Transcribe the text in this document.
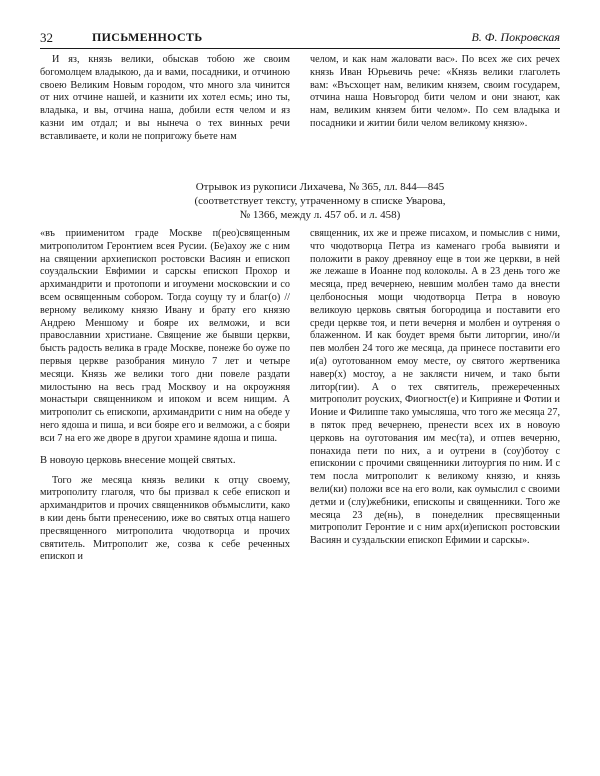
32	ПИСЬМЕННОСТЬ	В. Ф. Покровская

И яз, князь велики, обыскав тобою же своим богомолцем владыкою, да и вами, посадники, и отчиною своею Великим Новым городом, что много зла чинится от них отчине нашей, и казнити их хотел есмь; ино ты, владыка, и вы, отчина наша, добили естя челом и яз казни им отдал; и вы нынеча о тех винных речи вставливаете, и коли не попригожу бьете нам

челом, и как нам жаловати вас». По всех же сих речех князь Иван Юрьевичь рече: «Князь велики глаголеть вам: «Въсхощет нам, великим князем, своим государем, отчина наша Новъгород бити челом и они знают, как нам, великим князем бити челом». По сем владыка и посадники и житии били челом великому князю».

Отрывок из рукописи Лихачева, № 365, лл. 844—845
(соответствует тексту, утраченному в списке Уварова,
№ 1366, между л. 457 об. и л. 458)

«въ приименитом граде Москве п(рео)священным митрополитом Геронтием всея Русии. (Бе)ахоу же с ним на священии архиепископ ростовски Васиян и епископ соуздальскии Евфимии и сарскы епископ Прохор и архимандрити и протопопи и игоумени московскии и со всем освященным собором. Тогда соущу ту и благ(о) // верному великому князю Ивану и брату его князю Андрею Меншому и бояре их велможи, и вси православнии христиане. Священие же бывши церкви, бысть радость велика в граде Москве, понеже бо оуже по первыя церкве разобрания минуло 7 лет и четыре месяци. Князь же велики того дни повеле раздати милостыню на весь град Москвоу и на окроужняя монастыри священником и ипоком и всем нищим. А митрополит сь епископи, архимандрити с ним на обеде у него ядоша и пиша, и вси бояре его и велможи, а с бояри вси 7 на его же дворе в другои храмине ядоша и пиша.

В новоую церковь внесение мощей святых.

Того же месяца князь велики к отцу своему, митрополиту глаголя, что бы призвал к себе епископ и архимандритов и прочих священников объмыслити, како в кии день быти пренесению, иже во святых отца нашего пресвященного митрополита чюдотворца и прочих святитель. Митрополит же, созва к себе реченных епископ и

священник, их же и преже писахом, и помыслив с ними, что чюдотворца Петра из каменаго гроба вывияти и положити в ракоу древяноу еще в тои же церкви, в ней же лежаше в Иоанне под колоколы. А в 23 день того же месяца, пред вечернею, невшим молбен тамо да внести целбоносныя мощи чюдотворца Петра в новоую великоую церковь святыя богородица и поставити его среди церкве тоя, и пети вечерня и молбен и оутреняя о блаженном. И как боудет время быти литоргии, ино//и пев молбен 24 того же месяца, да принесе поставити его и(а) оуготованном емоу месте, оу святого жертвеника навер(х) мостоу, а не заклясти ничем, и тако быти литор(гии). А о тех святитель, прежереченных митрополит роуских, Фиогност(е) и Киприяне и Фотии и Ионие и Филиппе тако умысляша, что того же месяца 27, в пяток пред вечернею, пренести всех их в новоую церковь на оуготования им мес(та), и отпев вечерню, понахида пети по них, а и оутрени в (соу)ботоу с еписконии с прочими священники литоургия по ним. И с тем посла митрополит к великому князю, и князь вели(ки) положи все на его воли, как оумыслил с своими детми и (слу)жебники, епископы и священники. Того же месяца 23 де(нь), в понеделник пресвященныи митрополит Геронтие и с ним арх(и)епископ ростовскии Васиян и суздальскии епископ Ефимии и сарскы».
